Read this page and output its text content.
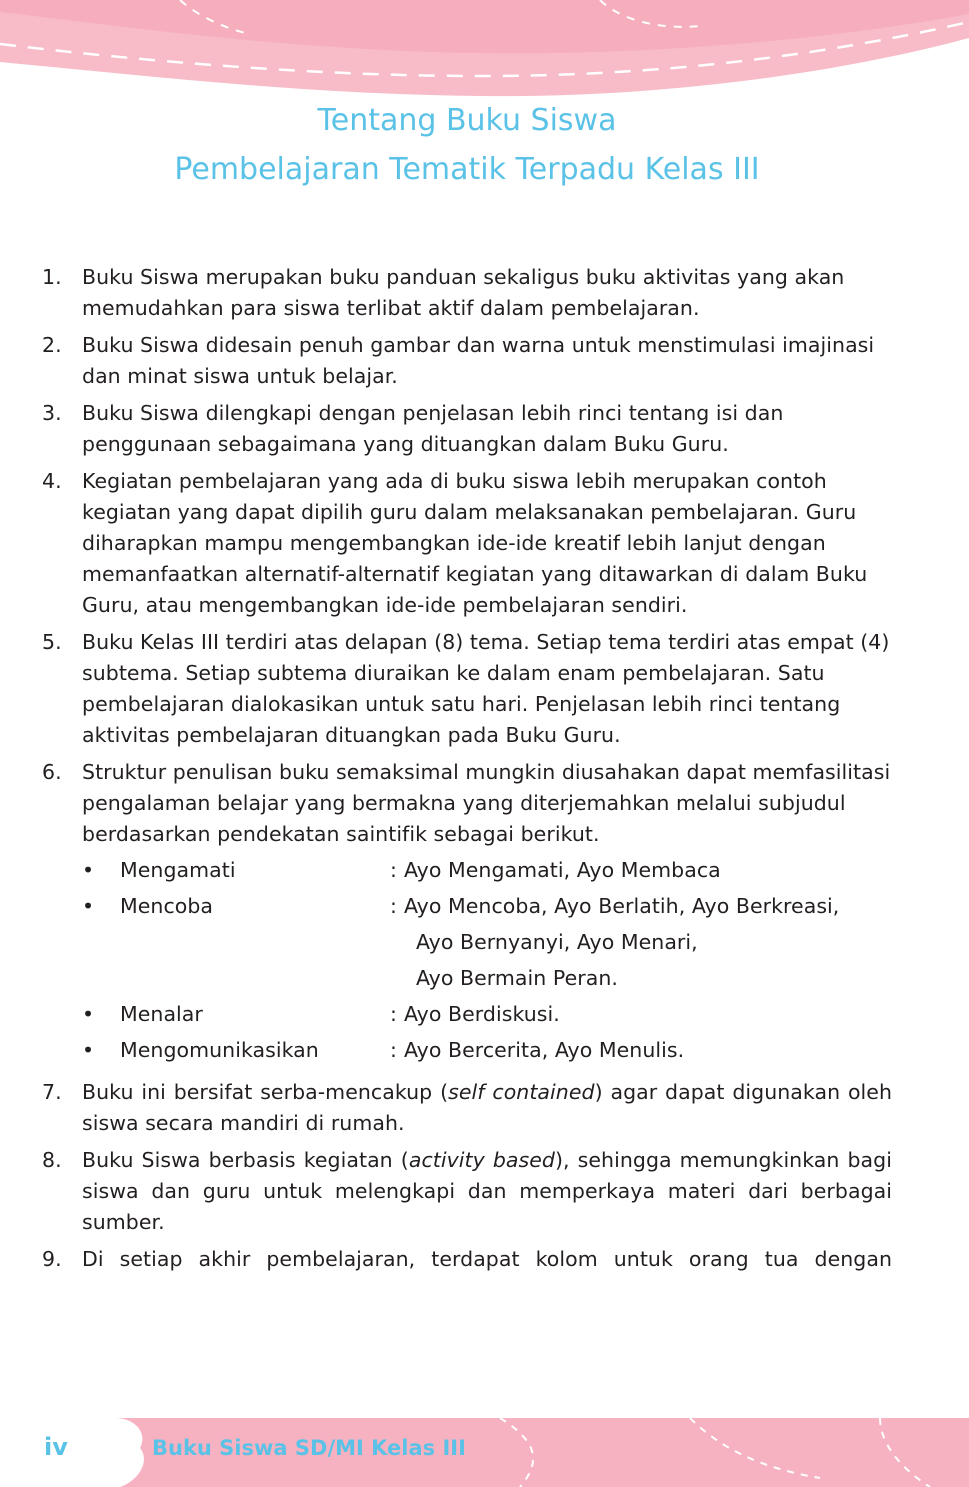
Tentang Buku Siswa
Pembelajaran Tematik Terpadu Kelas III
1. Buku Siswa merupakan buku panduan sekaligus buku aktivitas yang akan memudahkan para siswa terlibat aktif dalam pembelajaran.
2. Buku Siswa didesain penuh gambar dan warna untuk menstimulasi imajinasi dan minat siswa untuk belajar.
3. Buku Siswa dilengkapi dengan penjelasan lebih rinci tentang isi dan penggunaan sebagaimana yang dituangkan dalam Buku Guru.
4. Kegiatan pembelajaran yang ada di buku siswa lebih merupakan contoh kegiatan yang dapat dipilih guru dalam melaksanakan pembelajaran. Guru diharapkan mampu mengembangkan ide-ide kreatif lebih lanjut dengan memanfaatkan alternatif-alternatif kegiatan yang ditawarkan di dalam Buku Guru, atau mengembangkan ide-ide pembelajaran sendiri.
5. Buku Kelas III terdiri atas delapan (8) tema. Setiap tema terdiri atas empat (4) subtema. Setiap subtema diuraikan ke dalam enam pembelajaran. Satu pembelajaran dialokasikan untuk satu hari. Penjelasan lebih rinci tentang aktivitas pembelajaran dituangkan pada Buku Guru.
6. Struktur penulisan buku semaksimal mungkin diusahakan dapat memfasilitasi pengalaman belajar yang bermakna yang diterjemahkan melalui subjudul berdasarkan pendekatan saintifik sebagai berikut.
•	Mengamati	: Ayo Mengamati, Ayo Membaca
•	Mencoba	: Ayo Mencoba, Ayo Berlatih, Ayo Berkreasi,
Ayo Bernyanyi, Ayo Menari,
Ayo Bermain Peran.
•	Menalar	: Ayo Berdiskusi.
•	Mengomunikasikan	: Ayo Bercerita, Ayo Menulis.
7. Buku ini bersifat serba-mencakup (self contained) agar dapat digunakan oleh siswa secara mandiri di rumah.
8. Buku Siswa berbasis kegiatan (activity based), sehingga memungkinkan bagi siswa dan guru untuk melengkapi dan memperkaya materi dari berbagai sumber.
9. Di setiap akhir pembelajaran, terdapat kolom untuk orang tua dengan
iv	Buku Siswa SD/MI Kelas III
